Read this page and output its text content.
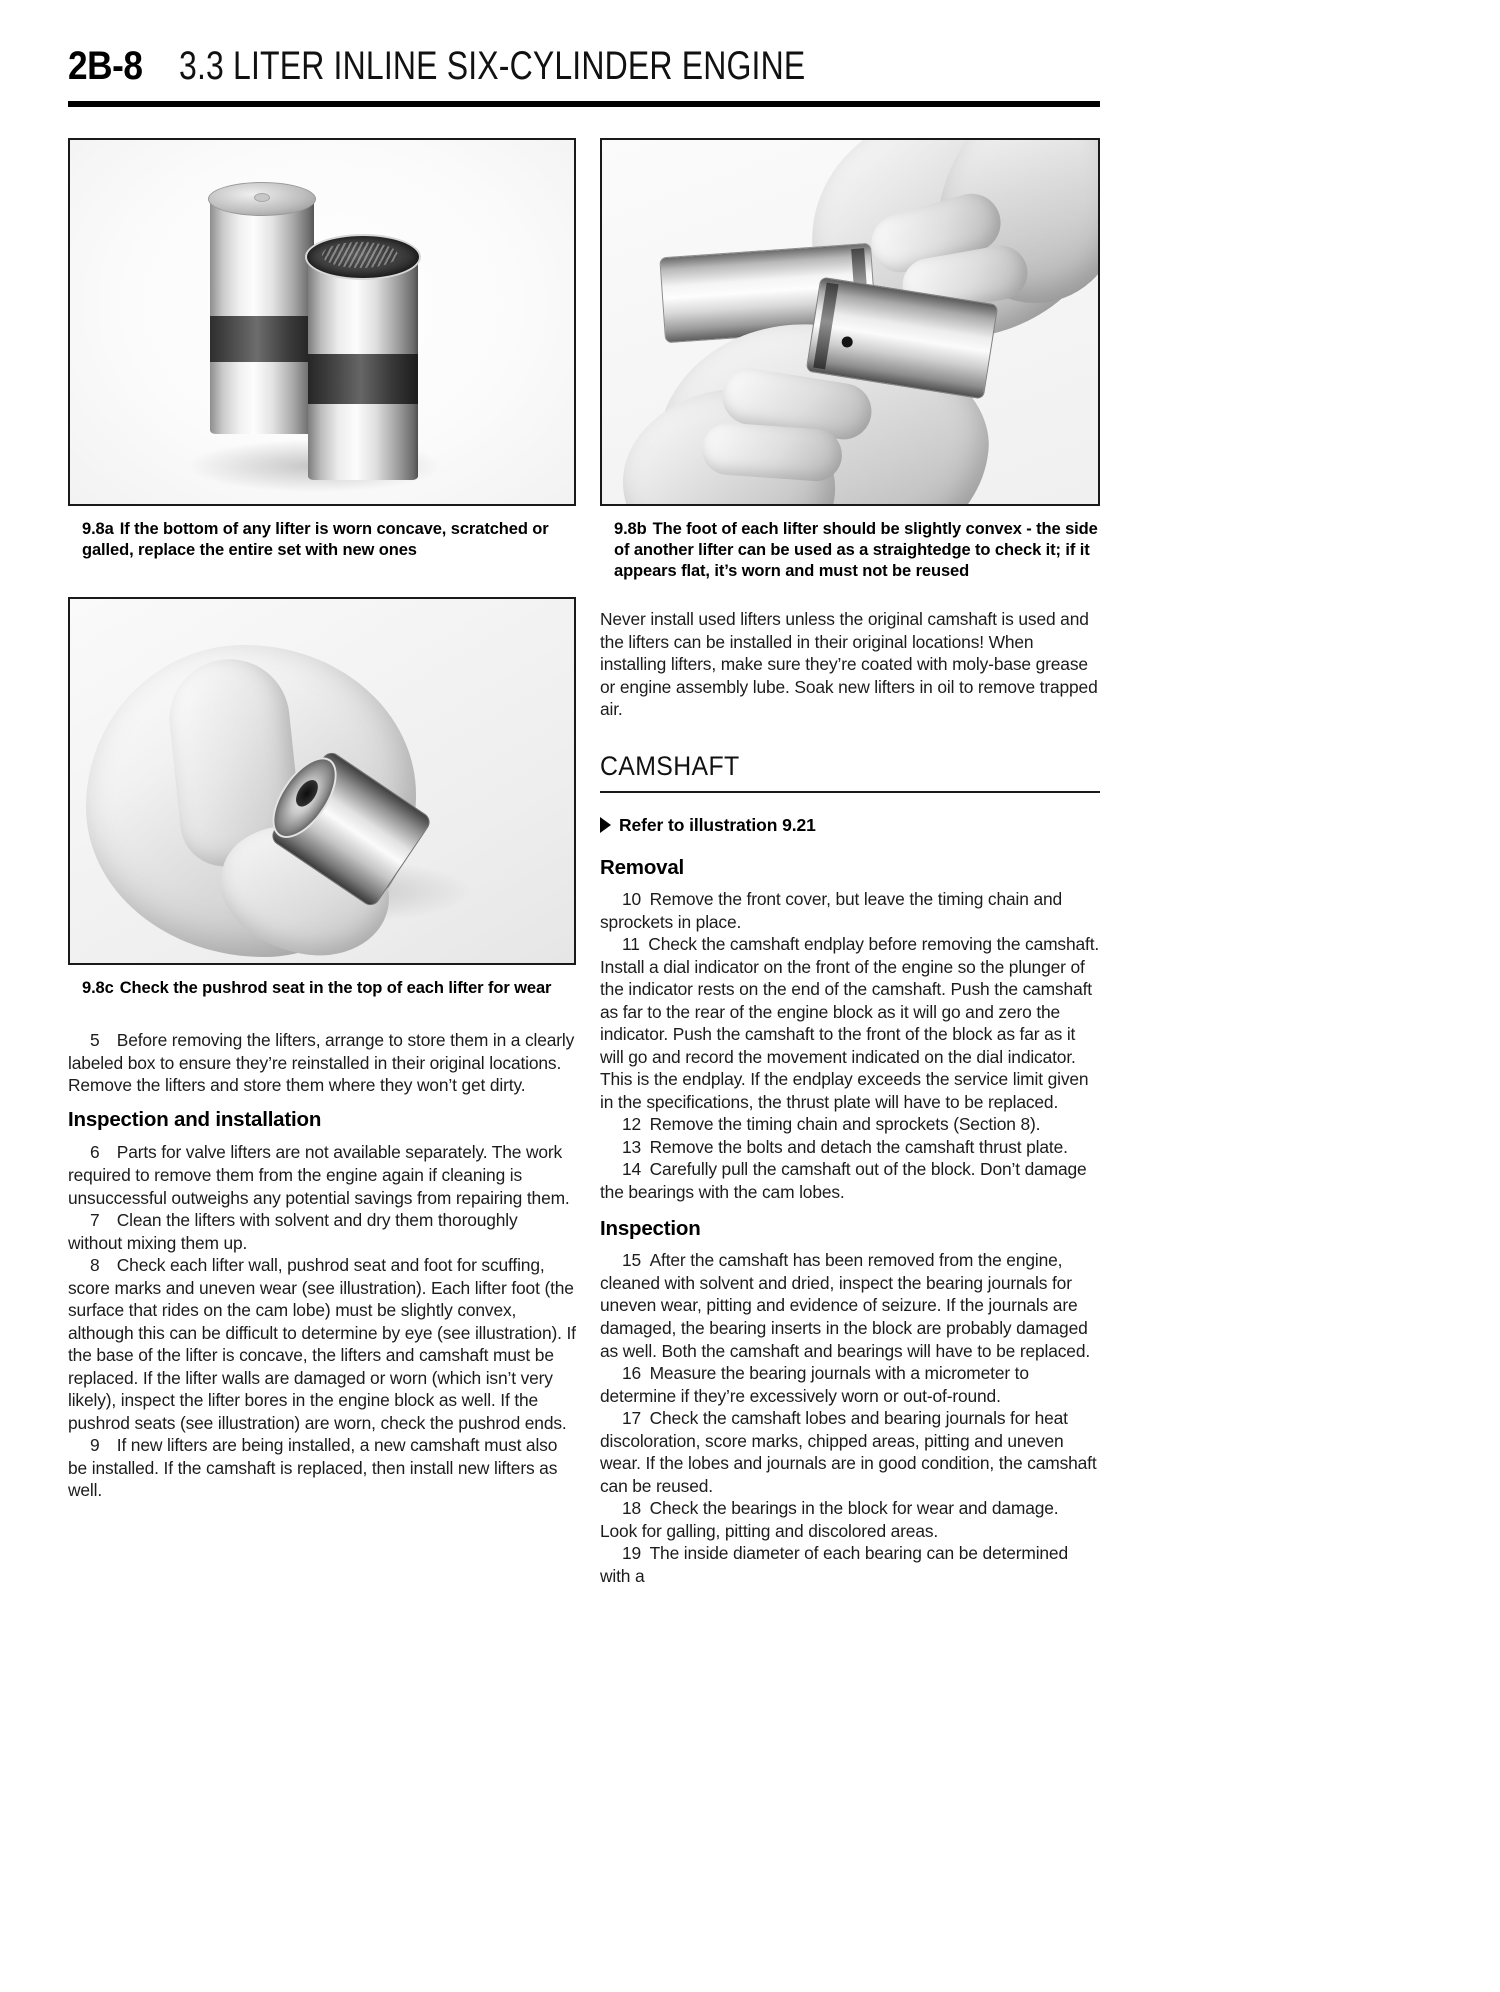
2B-8 3.3 LITER INLINE SIX-CYLINDER ENGINE
9.8a If the bottom of any lifter is worn concave, scratched or galled, replace the entire set with new ones
9.8c Check the pushrod seat in the top of each lifter for wear

5 Before removing the lifters, arrange to store them in a clearly labeled box to ensure they’re reinstalled in their original locations. Remove the lifters and store them where they won’t get dirty.

Inspection and installation

6 Parts for valve lifters are not available separately. The work required to remove them from the engine again if cleaning is unsuccessful outweighs any potential savings from repairing them.

7 Clean the lifters with solvent and dry them thoroughly without mixing them up.

8 Check each lifter wall, pushrod seat and foot for scuffing, score marks and uneven wear (see illustration). Each lifter foot (the surface that rides on the cam lobe) must be slightly convex, although this can be difficult to determine by eye (see illustration). If the base of the lifter is concave, the lifters and camshaft must be replaced. If the lifter walls are damaged or worn (which isn’t very likely), inspect the lifter bores in the engine block as well. If the pushrod seats (see illustration) are worn, check the pushrod ends.

9 If new lifters are being installed, a new camshaft must also be installed. If the camshaft is replaced, then install new lifters as well.

9.8b The foot of each lifter should be slightly convex - the side of another lifter can be used as a straightedge to check it; if it appears flat, it’s worn and must not be reused

Never install used lifters unless the original camshaft is used and the lifters can be installed in their original locations! When installing lifters, make sure they’re coated with moly-base grease or engine assembly lube. Soak new lifters in oil to remove trapped air.

CAMSHAFT
Refer to illustration 9.21
Removal

10 Remove the front cover, but leave the timing chain and sprockets in place.

11 Check the camshaft endplay before removing the camshaft. Install a dial indicator on the front of the engine so the plunger of the indicator rests on the end of the camshaft. Push the camshaft as far to the rear of the engine block as it will go and zero the indicator. Push the camshaft to the front of the block as far as it will go and record the movement indicated on the dial indicator. This is the endplay. If the endplay exceeds the service limit given in the specifications, the thrust plate will have to be replaced.

12 Remove the timing chain and sprockets (Section 8).

13 Remove the bolts and detach the camshaft thrust plate.

14 Carefully pull the camshaft out of the block. Don’t damage the bearings with the cam lobes.

Inspection

15 After the camshaft has been removed from the engine, cleaned with solvent and dried, inspect the bearing journals for uneven wear, pitting and evidence of seizure. If the journals are damaged, the bearing inserts in the block are probably damaged as well. Both the camshaft and bearings will have to be replaced.

16 Measure the bearing journals with a micrometer to determine if they’re excessively worn or out-of-round.

17 Check the camshaft lobes and bearing journals for heat discoloration, score marks, chipped areas, pitting and uneven wear. If the lobes and journals are in good condition, the camshaft can be reused.

18 Check the bearings in the block for wear and damage. Look for galling, pitting and discolored areas.

19 The inside diameter of each bearing can be determined with a
